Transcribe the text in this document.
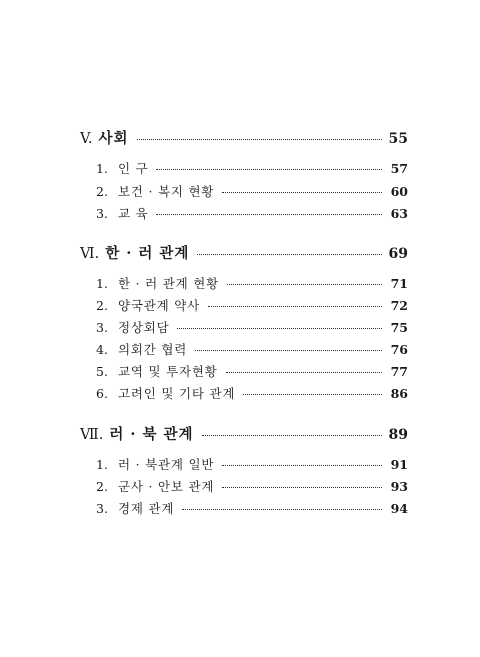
V. 사회	55
1. 인 구	57
2. 보건 · 복지 현황	60
3. 교 육	63
Ⅵ. 한 · 러 관계	69
1. 한 · 러 관계 현황	71
2. 양국관계 약사	72
3. 정상회담	75
4. 의회간 협력	76
5. 교역 및 투자현황	77
6. 고려인 및 기타 관계	86
Ⅶ. 러 · 북 관계	89
1. 러 · 북관계 일반	91
2. 군사 · 안보 관계	93
3. 경제 관계	94
